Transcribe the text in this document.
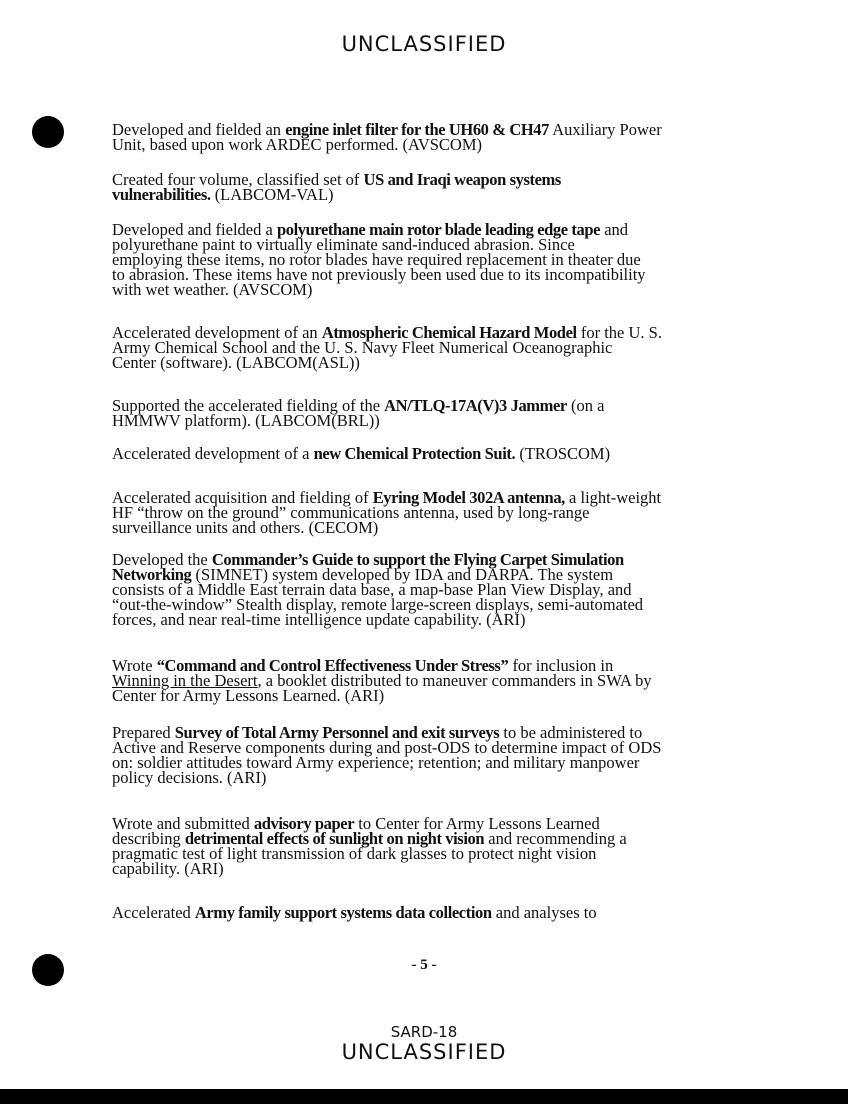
UNCLASSIFIED
Developed and fielded an engine inlet filter for the UH60 & CH47 Auxiliary Power
Unit, based upon work ARDEC performed. (AVSCOM)
Created four volume, classified set of US and Iraqi weapon systems
vulnerabilities. (LABCOM-VAL)
Developed and fielded a polyurethane main rotor blade leading edge tape and
polyurethane paint to virtually eliminate sand-induced abrasion. Since
employing these items, no rotor blades have required replacement in theater due
to abrasion. These items have not previously been used due to its incompatibility
with wet weather. (AVSCOM)
Accelerated development of an Atmospheric Chemical Hazard Model for the U. S.
Army Chemical School and the U. S. Navy Fleet Numerical Oceanographic
Center (software). (LABCOM(ASL))
Supported the accelerated fielding of the AN/TLQ-17A(V)3 Jammer (on a
HMMWV platform). (LABCOM(BRL))
Accelerated development of a new Chemical Protection Suit. (TROSCOM)
Accelerated acquisition and fielding of Eyring Model 302A antenna, a light-weight
HF “throw on the ground” communications antenna, used by long-range
surveillance units and others. (CECOM)
Developed the Commander’s Guide to support the Flying Carpet Simulation
Networking (SIMNET) system developed by IDA and DARPA. The system
consists of a Middle East terrain data base, a map-base Plan View Display, and
“out-the-window” Stealth display, remote large-screen displays, semi-automated
forces, and near real-time intelligence update capability. (ARI)
Wrote “Command and Control Effectiveness Under Stress” for inclusion in
Winning in the Desert, a booklet distributed to maneuver commanders in SWA by
Center for Army Lessons Learned. (ARI)
Prepared Survey of Total Army Personnel and exit surveys to be administered to
Active and Reserve components during and post-ODS to determine impact of ODS
on: soldier attitudes toward Army experience; retention; and military manpower
policy decisions. (ARI)
Wrote and submitted advisory paper to Center for Army Lessons Learned
describing detrimental effects of sunlight on night vision and recommending a
pragmatic test of light transmission of dark glasses to protect night vision
capability. (ARI)
Accelerated Army family support systems data collection and analyses to
- 5 -
SARD-18
UNCLASSIFIED
